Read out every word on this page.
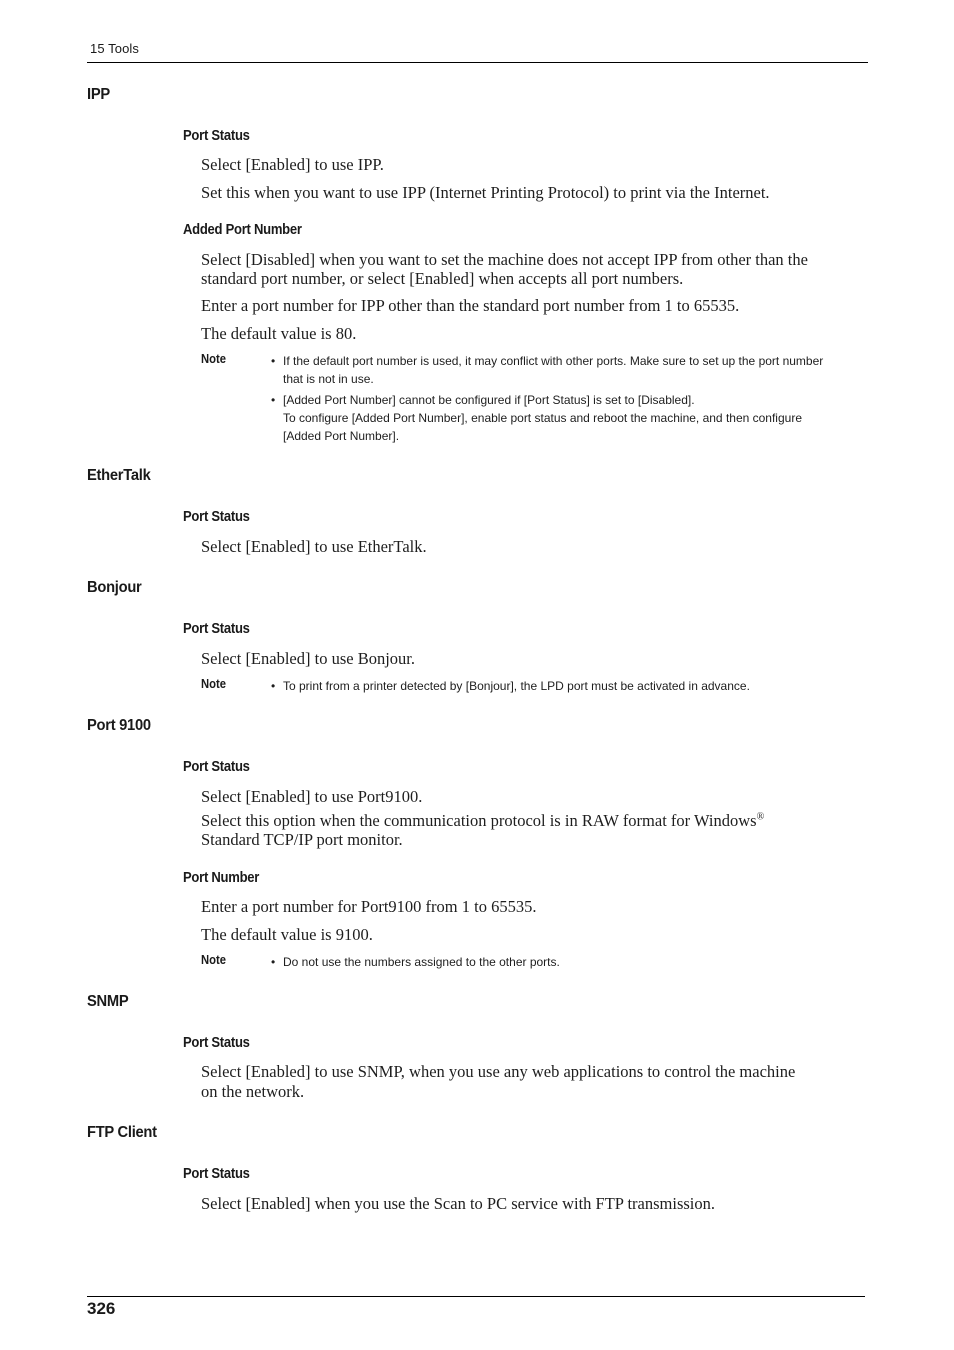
15 Tools
IPP
Port Status
Select [Enabled] to use IPP.
Set this when you want to use IPP (Internet Printing Protocol) to print via the Internet.
Added Port Number
Select [Disabled] when you want to set the machine does not accept IPP from other than the
standard port number, or select [Enabled] when accepts all port numbers.
Enter a port number for IPP other than the standard port number from 1 to 65535.
The default value is 80.
Note	• If the default port number is used, it may conflict with other ports. Make sure to set up the port number
that is not in use.
• [Added Port Number] cannot be configured if [Port Status] is set to [Disabled].
To configure [Added Port Number], enable port status and reboot the machine, and then configure
[Added Port Number].
EtherTalk
Port Status
Select [Enabled] to use EtherTalk.
Bonjour
Port Status
Select [Enabled] to use Bonjour.
Note	• To print from a printer detected by [Bonjour], the LPD port must be activated in advance.
Port 9100
Port Status
Select [Enabled] to use Port9100.
Select this option when the communication protocol is in RAW format for Windows®
Standard TCP/IP port monitor.
Port Number
Enter a port number for Port9100 from 1 to 65535.
The default value is 9100.
Note	• Do not use the numbers assigned to the other ports.
SNMP
Port Status
Select [Enabled] to use SNMP, when you use any web applications to control the machine
on the network.
FTP Client
Port Status
Select [Enabled] when you use the Scan to PC service with FTP transmission.
326
